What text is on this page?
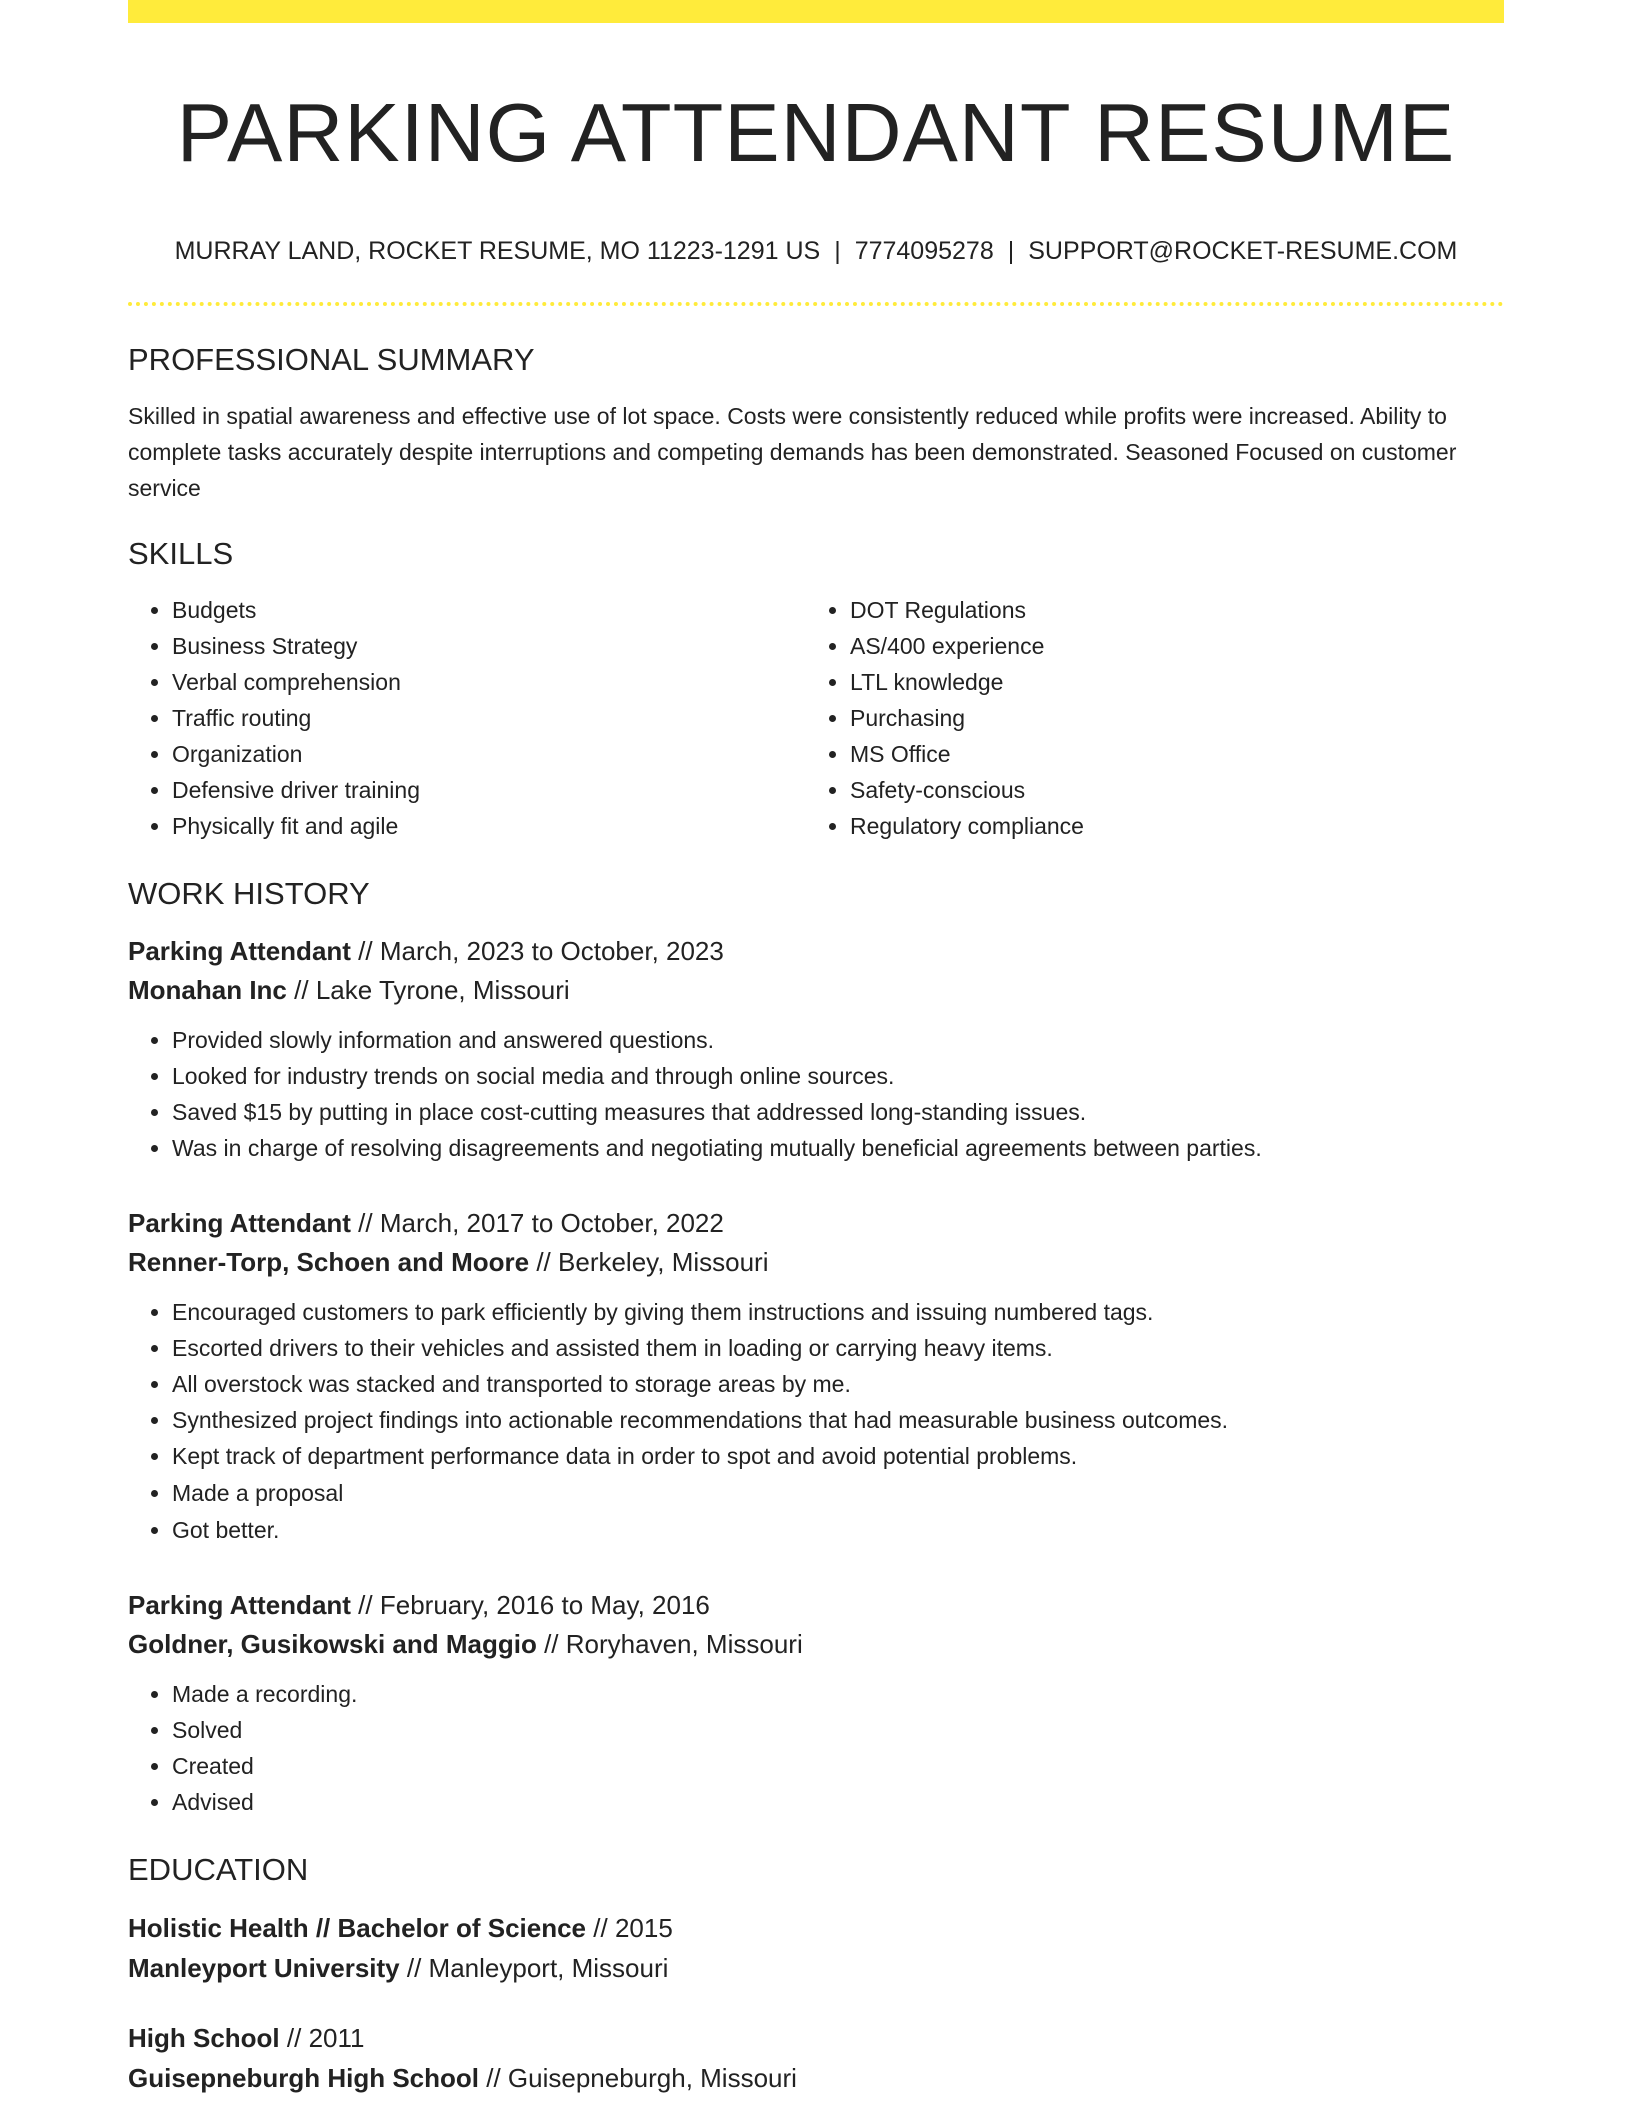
PARKING ATTENDANT RESUME
MURRAY LAND, ROCKET RESUME, MO 11223-1291 US | 7774095278 | SUPPORT@ROCKET-RESUME.COM
PROFESSIONAL SUMMARY
Skilled in spatial awareness and effective use of lot space. Costs were consistently reduced while profits were increased. Ability to complete tasks accurately despite interruptions and competing demands has been demonstrated. Seasoned Focused on customer service
SKILLS
• Budgets
• Business Strategy
• Verbal comprehension
• Traffic routing
• Organization
• Defensive driver training
• Physically fit and agile
• DOT Regulations
• AS/400 experience
• LTL knowledge
• Purchasing
• MS Office
• Safety-conscious
• Regulatory compliance
WORK HISTORY
Parking Attendant // March, 2023 to October, 2023
Monahan Inc // Lake Tyrone, Missouri
• Provided slowly information and answered questions.
• Looked for industry trends on social media and through online sources.
• Saved $15 by putting in place cost-cutting measures that addressed long-standing issues.
• Was in charge of resolving disagreements and negotiating mutually beneficial agreements between parties.
Parking Attendant // March, 2017 to October, 2022
Renner-Torp, Schoen and Moore // Berkeley, Missouri
• Encouraged customers to park efficiently by giving them instructions and issuing numbered tags.
• Escorted drivers to their vehicles and assisted them in loading or carrying heavy items.
• All overstock was stacked and transported to storage areas by me.
• Synthesized project findings into actionable recommendations that had measurable business outcomes.
• Kept track of department performance data in order to spot and avoid potential problems.
• Made a proposal
• Got better.
Parking Attendant // February, 2016 to May, 2016
Goldner, Gusikowski and Maggio // Roryhaven, Missouri
• Made a recording.
• Solved
• Created
• Advised
EDUCATION
Holistic Health // Bachelor of Science // 2015
Manleyport University // Manleyport, Missouri
High School // 2011
Guisepneburgh High School // Guisepneburgh, Missouri
